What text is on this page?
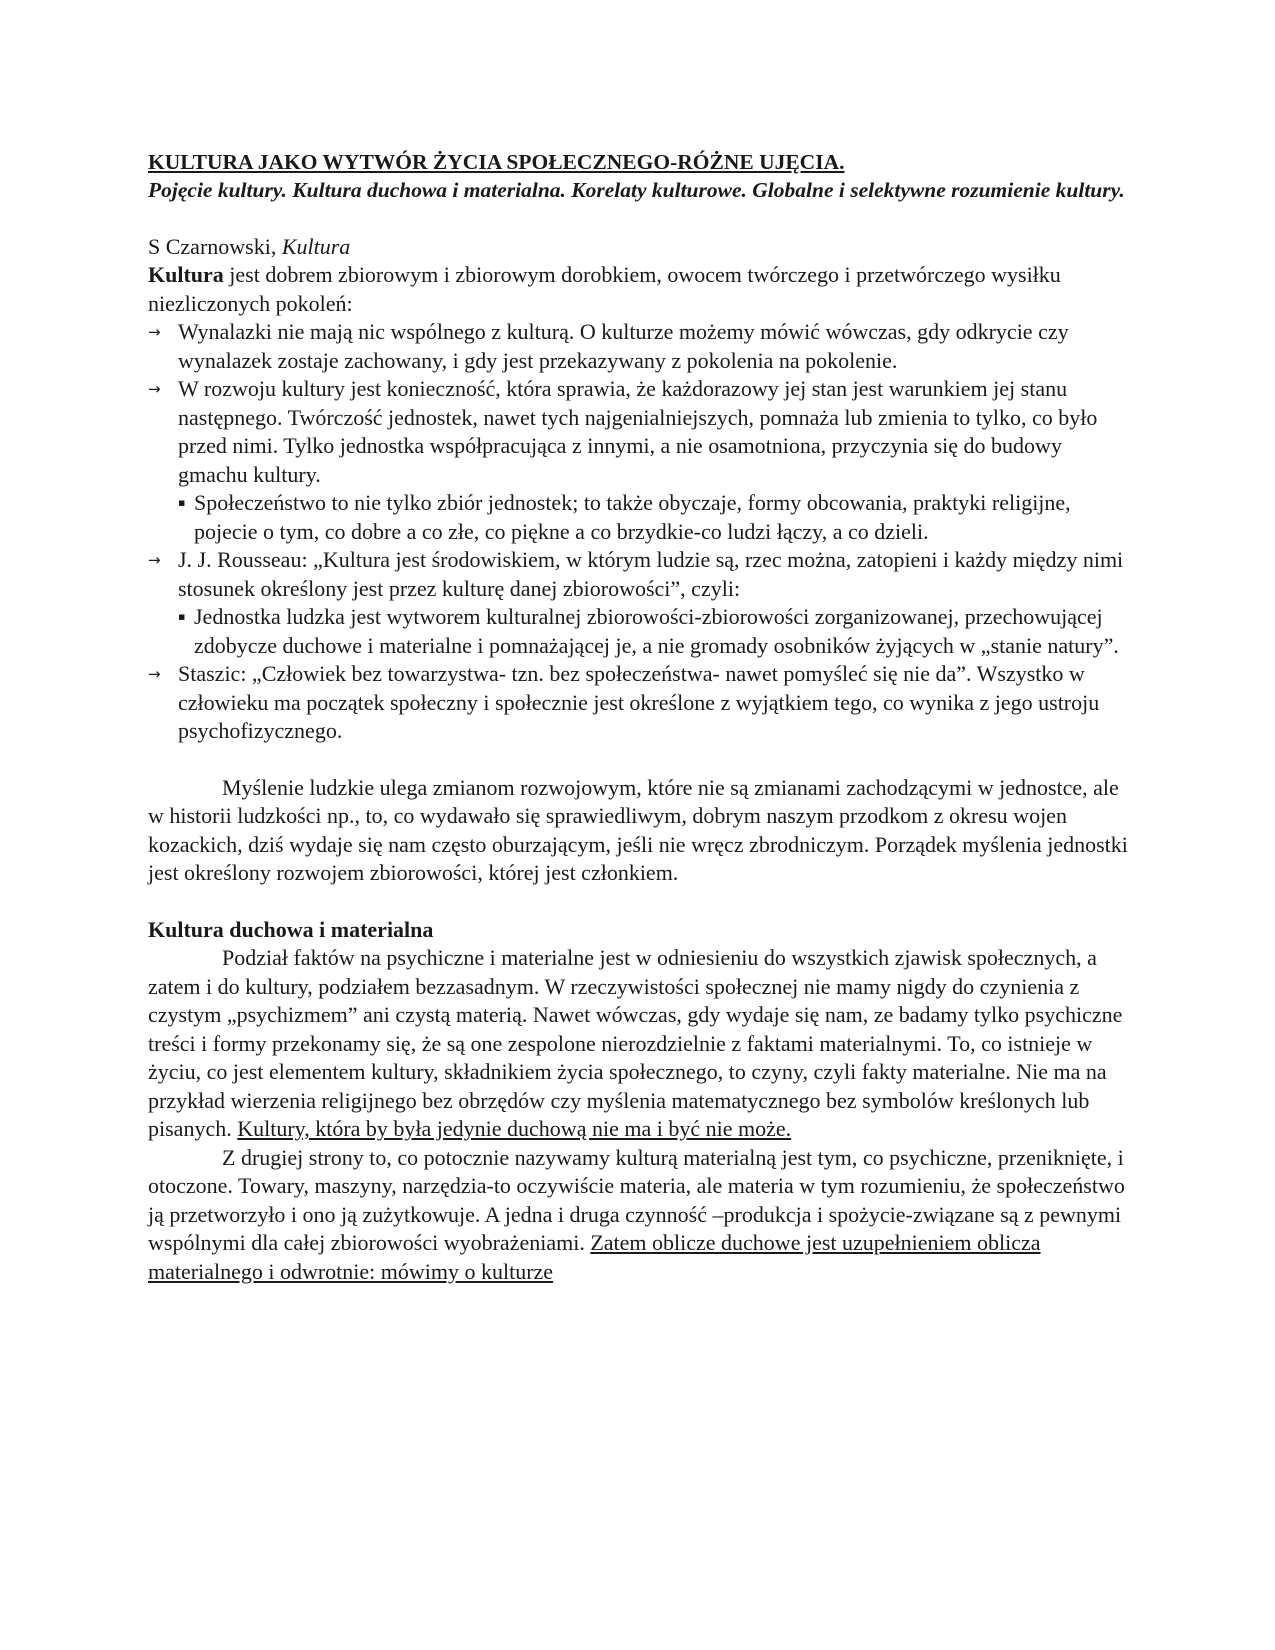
KULTURA JAKO WYTWÓR ŻYCIA SPOŁECZNEGO-RÓŻNE UJĘCIA.

Pojęcie kultury. Kultura duchowa i materialna. Korelaty kulturowe. Globalne i selektywne rozumienie kultury.

S Czarnowski, Kultura

Kultura jest dobrem zbiorowym i zbiorowym dorobkiem, owocem twórczego i przetwórczego wysiłku niezliczonych pokoleń:

→ Wynalazki nie mają nic wspólnego z kulturą. O kulturze możemy mówić wówczas, gdy odkrycie czy wynalazek zostaje zachowany, i gdy jest przekazywany z pokolenia na pokolenie.

→ W rozwoju kultury jest konieczność, która sprawia, że każdorazowy jej stan jest warunkiem jej stanu następnego. Twórczość jednostek, nawet tych najgenialniejszych, pomnaża lub zmienia to tylko, co było przed nimi. Tylko jednostka współpracująca z innymi, a nie osamotniona, przyczynia się do budowy gmachu kultury.

▪ Społeczeństwo to nie tylko zbiór jednostek; to także obyczaje, formy obcowania, praktyki religijne, pojecie o tym, co dobre a co złe, co piękne a co brzydkie-co ludzi łączy, a co dzieli.

→ J. J. Rousseau: „Kultura jest środowiskiem, w którym ludzie są, rzec można, zatopieni i każdy między nimi stosunek określony jest przez kulturę danej zbiorowości”, czyli:

▪ Jednostka ludzka jest wytworem kulturalnej zbiorowości-zbiorowości zorganizowanej, przechowującej zdobycze duchowe i materialne i pomnażającej je, a nie gromady osobników żyjących w „stanie natury”.

→ Staszic: „Człowiek bez towarzystwa- tzn. bez społeczeństwa- nawet pomyśleć się nie da”. Wszystko w człowieku ma początek społeczny i społecznie jest określone z wyjątkiem tego, co wynika z jego ustroju psychofizycznego.

Myślenie ludzkie ulega zmianom rozwojowym, które nie są zmianami zachodzącymi w jednostce, ale w historii ludzkości np., to, co wydawało się sprawiedliwym, dobrym naszym przodkom z okresu wojen kozackich, dziś wydaje się nam często oburzającym, jeśli nie wręcz zbrodniczym. Porządek myślenia jednostki jest określony rozwojem zbiorowości, której jest członkiem.

Kultura duchowa i materialna

Podział faktów na psychiczne i materialne jest w odniesieniu do wszystkich zjawisk społecznych, a zatem i do kultury, podziałem bezzasadnym. W rzeczywistości społecznej nie mamy nigdy do czynienia z czystym „psychizmem” ani czystą materią. Nawet wówczas, gdy wydaje się nam, ze badamy tylko psychiczne treści i formy przekonamy się, że są one zespolone nierozdzielnie z faktami materialnymi. To, co istnieje w życiu, co jest elementem kultury, składnikiem życia społecznego, to czyny, czyli fakty materialne. Nie ma na przykład wierzenia religijnego bez obrzędów czy myślenia matematycznego bez symbolów kreślonych lub pisanych. Kultury, która by była jedynie duchową nie ma i być nie może.

Z drugiej strony to, co potocznie nazywamy kulturą materialną jest tym, co psychiczne, przeniknięte, i otoczone. Towary, maszyny, narzędzia-to oczywiście materia, ale materia w tym rozumieniu, że społeczeństwo ją przetworzyło i ono ją zużytkowuje. A jedna i druga czynność –produkcja i spożycie-związane są z pewnymi wspólnymi dla całej zbiorowości wyobrażeniami. Zatem oblicze duchowe jest uzupełnieniem oblicza materialnego i odwrotnie: mówimy o kulturze
